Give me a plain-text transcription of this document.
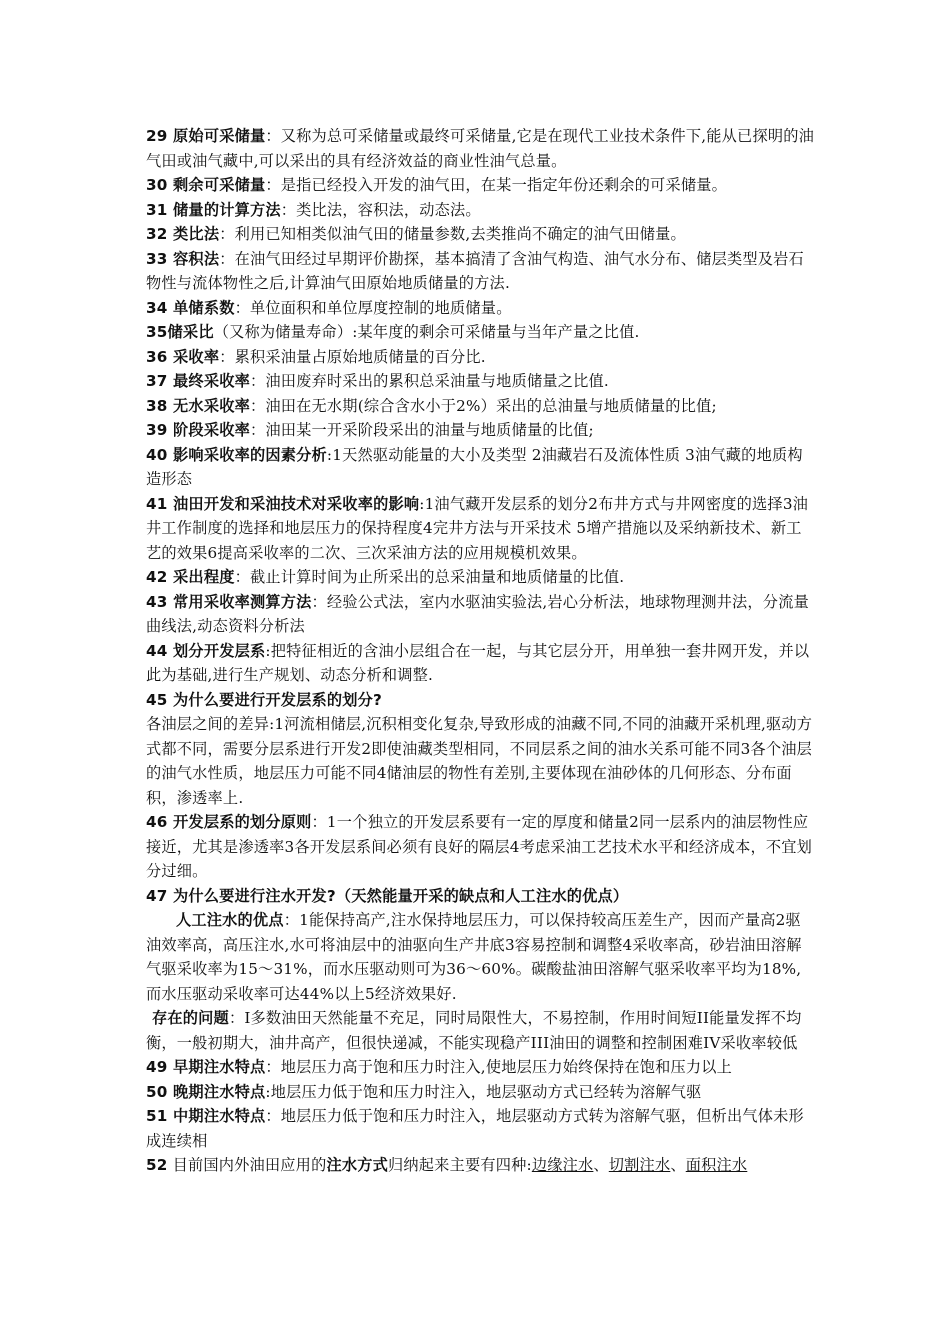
29 原始可采储量：又称为总可采储量或最终可采储量,它是在现代工业技术条件下,能从已探明的油气田或油气藏中,可以采出的具有经济效益的商业性油气总量。

30 剩余可采储量：是指已经投入开发的油气田，在某一指定年份还剩余的可采储量。

31 储量的计算方法：类比法，容积法，动态法。

32 类比法：利用已知相类似油气田的储量参数,去类推尚不确定的油气田储量。

33 容积法：在油气田经过早期评价勘探，基本搞清了含油气构造、油气水分布、储层类型及岩石物性与流体物性之后,计算油气田原始地质储量的方法.

34 单储系数：单位面积和单位厚度控制的地质储量。

35储采比（又称为储量寿命）:某年度的剩余可采储量与当年产量之比值.

36 采收率：累积采油量占原始地质储量的百分比.

37 最终采收率：油田废弃时采出的累积总采油量与地质储量之比值.

38 无水采收率：油田在无水期(综合含水小于2%）采出的总油量与地质储量的比值;

39 阶段采收率：油田某一开采阶段采出的油量与地质储量的比值;

40 影响采收率的因素分析:1天然驱动能量的大小及类型 2油藏岩石及流体性质 3油气藏的地质构造形态

41 油田开发和采油技术对采收率的影响:1油气藏开发层系的划分2布井方式与井网密度的选择3油井工作制度的选择和地层压力的保持程度4完井方法与开采技术 5增产措施以及采纳新技术、新工艺的效果6提高采收率的二次、三次采油方法的应用规模机效果。

42 采出程度：截止计算时间为止所采出的总采油量和地质储量的比值.

43 常用采收率测算方法：经验公式法，室内水驱油实验法,岩心分析法，地球物理测井法，分流量曲线法,动态资料分析法

44 划分开发层系:把特征相近的含油小层组合在一起，与其它层分开，用单独一套井网开发，并以此为基础,进行生产规划、动态分析和调整.

45 为什么要进行开发层系的划分?

各油层之间的差异:1河流相储层,沉积相变化复杂,导致形成的油藏不同,不同的油藏开采机理,驱动方式都不同，需要分层系进行开发2即使油藏类型相同，不同层系之间的油水关系可能不同3各个油层的油气水性质，地层压力可能不同4储油层的物性有差别,主要体现在油砂体的几何形态、分布面积，渗透率上.

46 开发层系的划分原则：1一个独立的开发层系要有一定的厚度和储量2同一层系内的油层物性应接近，尤其是渗透率3各开发层系间必须有良好的隔层4考虑采油工艺技术水平和经济成本，不宜划分过细。

47 为什么要进行注水开发?（天然能量开采的缺点和人工注水的优点）

人工注水的优点：1能保持高产,注水保持地层压力，可以保持较高压差生产，因而产量高2驱油效率高，高压注水,水可将油层中的油驱向生产井底3容易控制和调整4采收率高，砂岩油田溶解气驱采收率为15～31%，而水压驱动则可为36～60%。碳酸盐油田溶解气驱采收率平均为18%,而水压驱动采收率可达44%以上5经济效果好.

存在的问题：I多数油田天然能量不充足，同时局限性大，不易控制，作用时间短II能量发挥不均衡，一般初期大，油井高产，但很快递减，不能实现稳产III油田的调整和控制困难IV采收率较低

49 早期注水特点：地层压力高于饱和压力时注入,使地层压力始终保持在饱和压力以上

50 晚期注水特点:地层压力低于饱和压力时注入，地层驱动方式已经转为溶解气驱

51 中期注水特点：地层压力低于饱和压力时注入，地层驱动方式转为溶解气驱，但析出气体未形成连续相

52 目前国内外油田应用的注水方式归纳起来主要有四种:边缘注水、切割注水、面积注水
